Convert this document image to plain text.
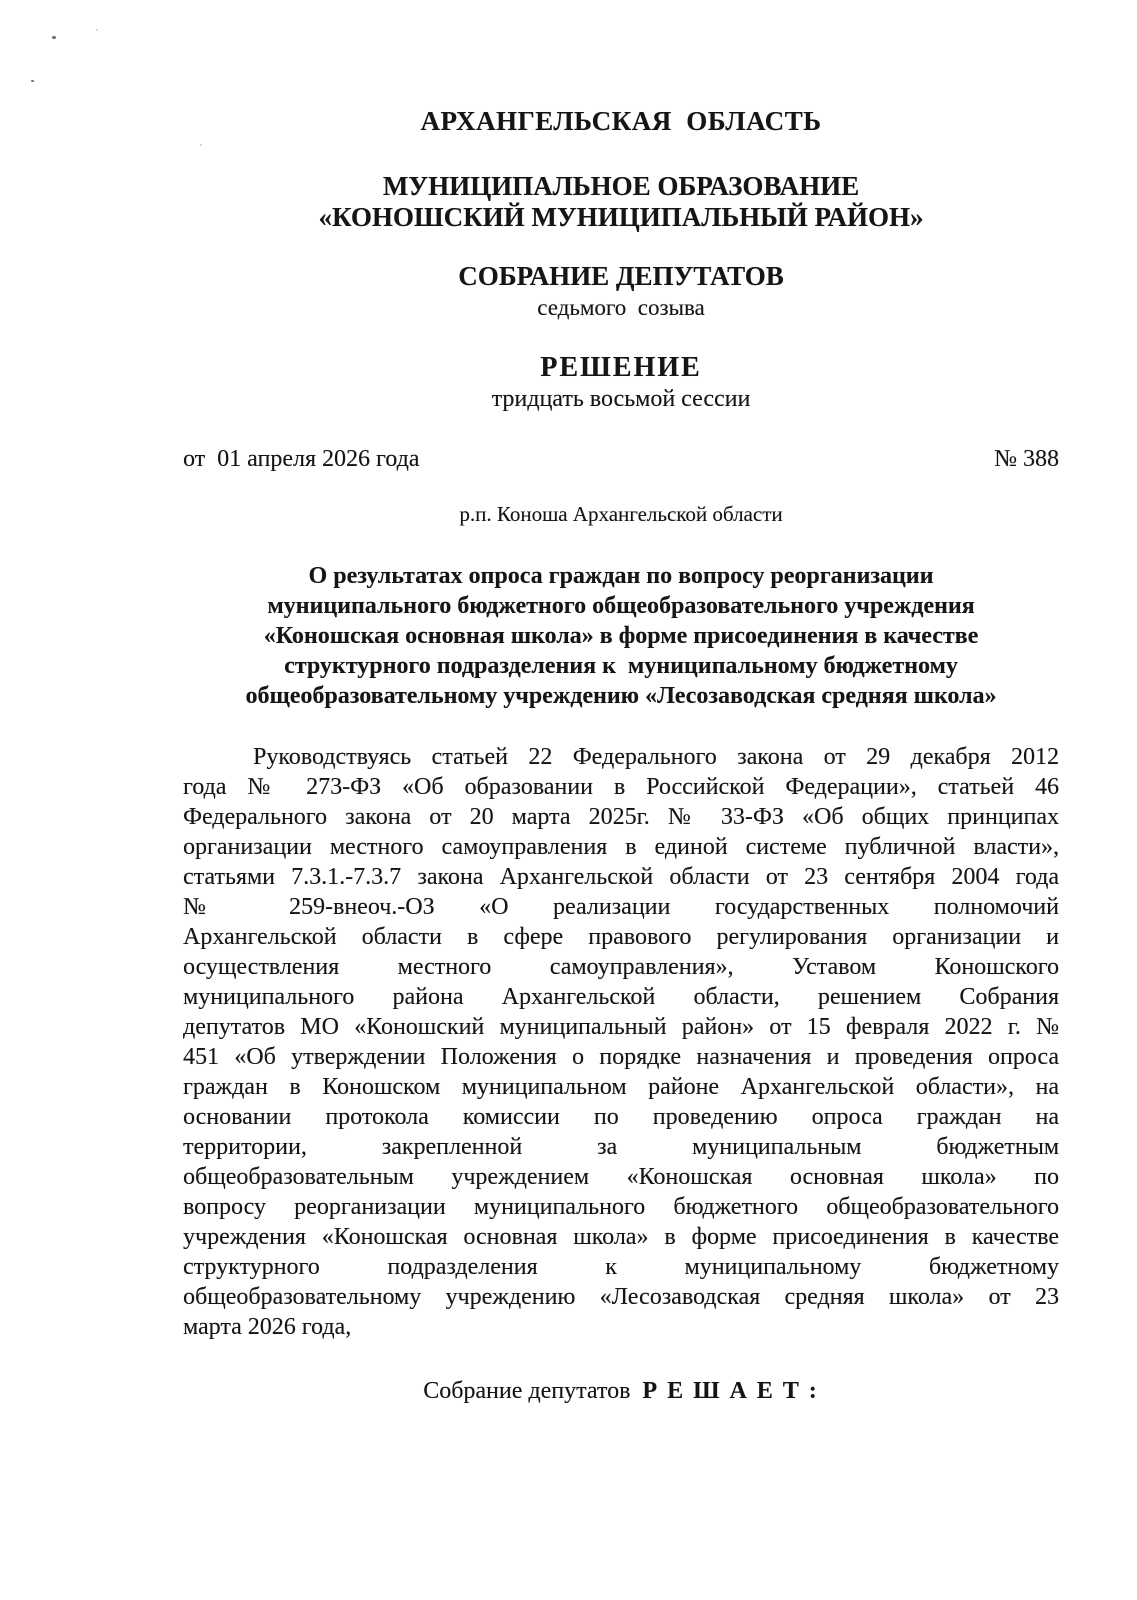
АРХАНГЕЛЬСКАЯ  ОБЛАСТЬ
МУНИЦИПАЛЬНОЕ ОБРАЗОВАНИЕ
«КОНОШСКИЙ МУНИЦИПАЛЬНЫЙ РАЙОН»
СОБРАНИЕ ДЕПУТАТОВ
седьмого  созыва
РЕШЕНИЕ
тридцать восьмой сессии
от  01 апреля 2026 года	№ 388
р.п. Коноша Архангельской области
О результатах опроса граждан по вопросу реорганизации
муниципального бюджетного общеобразовательного учреждения
«Коношская основная школа» в форме присоединения в качестве
структурного подразделения к  муниципальному бюджетному
общеобразовательному учреждению «Лесозаводская средняя школа»
Руководствуясь статьей 22 Федерального закона от 29 декабря 2012
года № 273-ФЗ «Об образовании в Российской Федерации», статьей 46
Федерального закона от 20 марта 2025г. № 33-ФЗ «Об общих принципах
организации местного самоуправления в единой системе публичной власти»,
статьями 7.3.1.-7.3.7 закона Архангельской области от 23 сентября 2004 года
№ 259-внеоч.-ОЗ «О реализации государственных полномочий
Архангельской области в сфере правового регулирования организации и
осуществления местного самоуправления», Уставом Коношского
муниципального района Архангельской области, решением Собрания
депутатов МО «Коношский муниципальный район» от 15 февраля 2022 г. №
451 «Об утверждении Положения о порядке назначения и проведения опроса
граждан в Коношском муниципальном районе Архангельской области», на
основании протокола комиссии по проведению опроса граждан на
территории, закрепленной за муниципальным бюджетным
общеобразовательным учреждением «Коношская основная школа» по
вопросу реорганизации муниципального бюджетного общеобразовательного
учреждения «Коношская основная школа» в форме присоединения в качестве
структурного подразделения к муниципальному бюджетному
общеобразовательному учреждению «Лесозаводская средняя школа» от 23
марта 2026 года,
Собрание депутатов Р Е Ш А Е Т :
